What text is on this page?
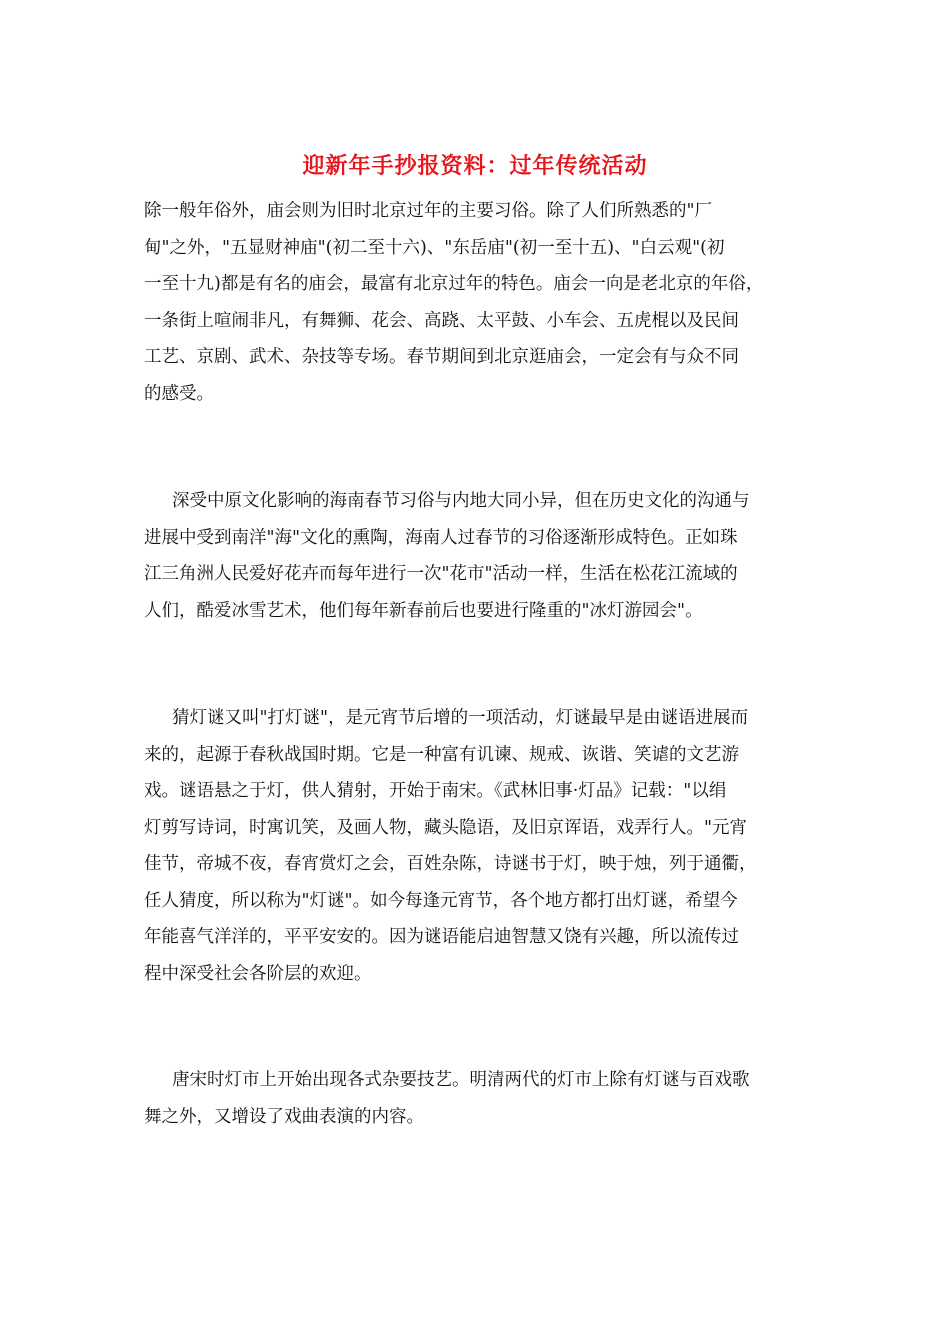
迎新年手抄报资料：过年传统活动
除一般年俗外，庙会则为旧时北京过年的主要习俗。除了人们所熟悉的"厂
甸"之外，"五显财神庙"(初二至十六)、"东岳庙"(初一至十五)、"白云观"(初
一至十九)都是有名的庙会，最富有北京过年的特色。庙会一向是老北京的年俗，
一条街上喧闹非凡，有舞狮、花会、高跷、太平鼓、小车会、五虎棍以及民间
工艺、京剧、武术、杂技等专场。春节期间到北京逛庙会，一定会有与众不同
的感受。
深受中原文化影响的海南春节习俗与内地大同小异，但在历史文化的沟通与
进展中受到南洋"海"文化的熏陶，海南人过春节的习俗逐渐形成特色。正如珠
江三角洲人民爱好花卉而每年进行一次"花市"活动一样，生活在松花江流域的
人们，酷爱冰雪艺术，他们每年新春前后也要进行隆重的"冰灯游园会"。
猜灯谜又叫"打灯谜"，是元宵节后增的一项活动，灯谜最早是由谜语进展而
来的，起源于春秋战国时期。它是一种富有讥谏、规戒、诙谐、笑谑的文艺游
戏。谜语悬之于灯，供人猜射，开始于南宋。《武林旧事·灯品》记载："以绢
灯剪写诗词，时寓讥笑，及画人物，藏头隐语，及旧京诨语，戏弄行人。"元宵
佳节，帝城不夜，春宵赏灯之会，百姓杂陈，诗谜书于灯，映于烛，列于通衢，
任人猜度，所以称为"灯谜"。如今每逢元宵节，各个地方都打出灯谜，希望今
年能喜气洋洋的，平平安安的。因为谜语能启迪智慧又饶有兴趣，所以流传过
程中深受社会各阶层的欢迎。
唐宋时灯市上开始出现各式杂要技艺。明清两代的灯市上除有灯谜与百戏歌
舞之外，又增设了戏曲表演的内容。
